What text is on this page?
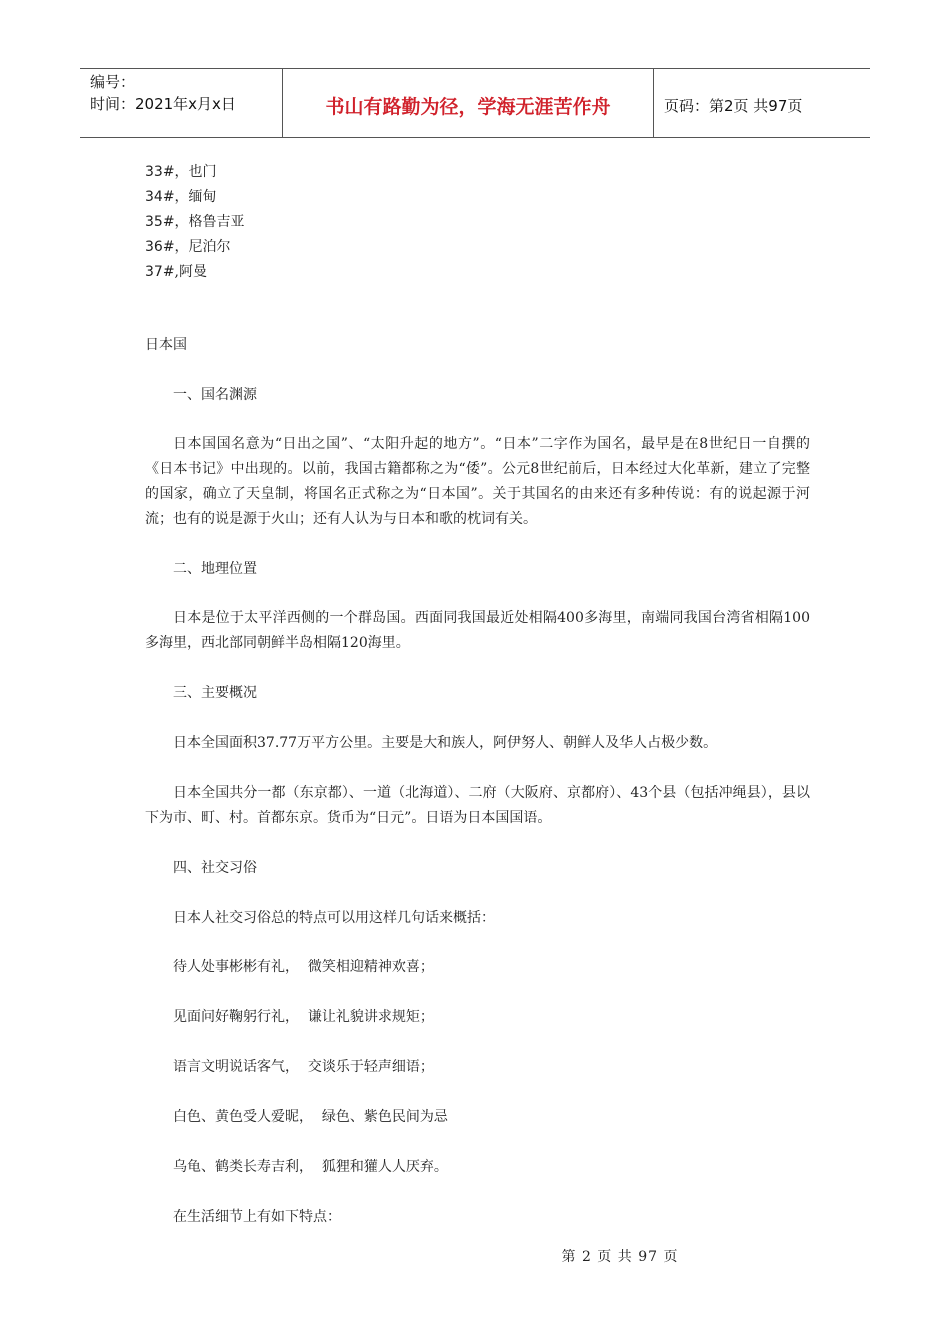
编号：
时间：2021年x月x日	书山有路勤为径，学海无涯苦作舟	页码：第2页 共97页
33#，也门
34#，缅甸
35#，格鲁吉亚
36#，尼泊尔
37#,阿曼

日本国

一、国名渊源

日本国国名意为“日出之国”、“太阳升起的地方”。“日本”二字作为国名，最早是在8世纪日一自撰的《日本书记》中出现的。以前，我国古籍都称之为“倭”。公元8世纪前后，日本经过大化革新，建立了完整的国家，确立了天皇制，将国名正式称之为“日本国”。关于其国名的由来还有多种传说：有的说起源于河流；也有的说是源于火山；还有人认为与日本和歌的枕词有关。

二、地理位置

日本是位于太平洋西侧的一个群岛国。西面同我国最近处相隔400多海里，南端同我国台湾省相隔100多海里，西北部同朝鲜半岛相隔120海里。

三、主要概况

日本全国面积37.77万平方公里。主要是大和族人，阿伊努人、朝鲜人及华人占极少数。

日本全国共分一都（东京都）、一道（北海道）、二府（大阪府、京都府）、43个县（包括冲绳县），县以下为市、町、村。首都东京。货币为“日元”。日语为日本国国语。

四、社交习俗

日本人社交习俗总的特点可以用这样几句话来概括：

待人处事彬彬有礼，  微笑相迎精神欢喜；

见面问好鞠躬行礼，  谦让礼貌讲求规矩；

语言文明说话客气，  交谈乐于轻声细语；

白色、黄色受人爱昵，  绿色、紫色民间为忌

乌龟、鹤类长寿吉利，  狐狸和獾人人厌弃。

在生活细节上有如下特点：

第 2 页 共 97 页
